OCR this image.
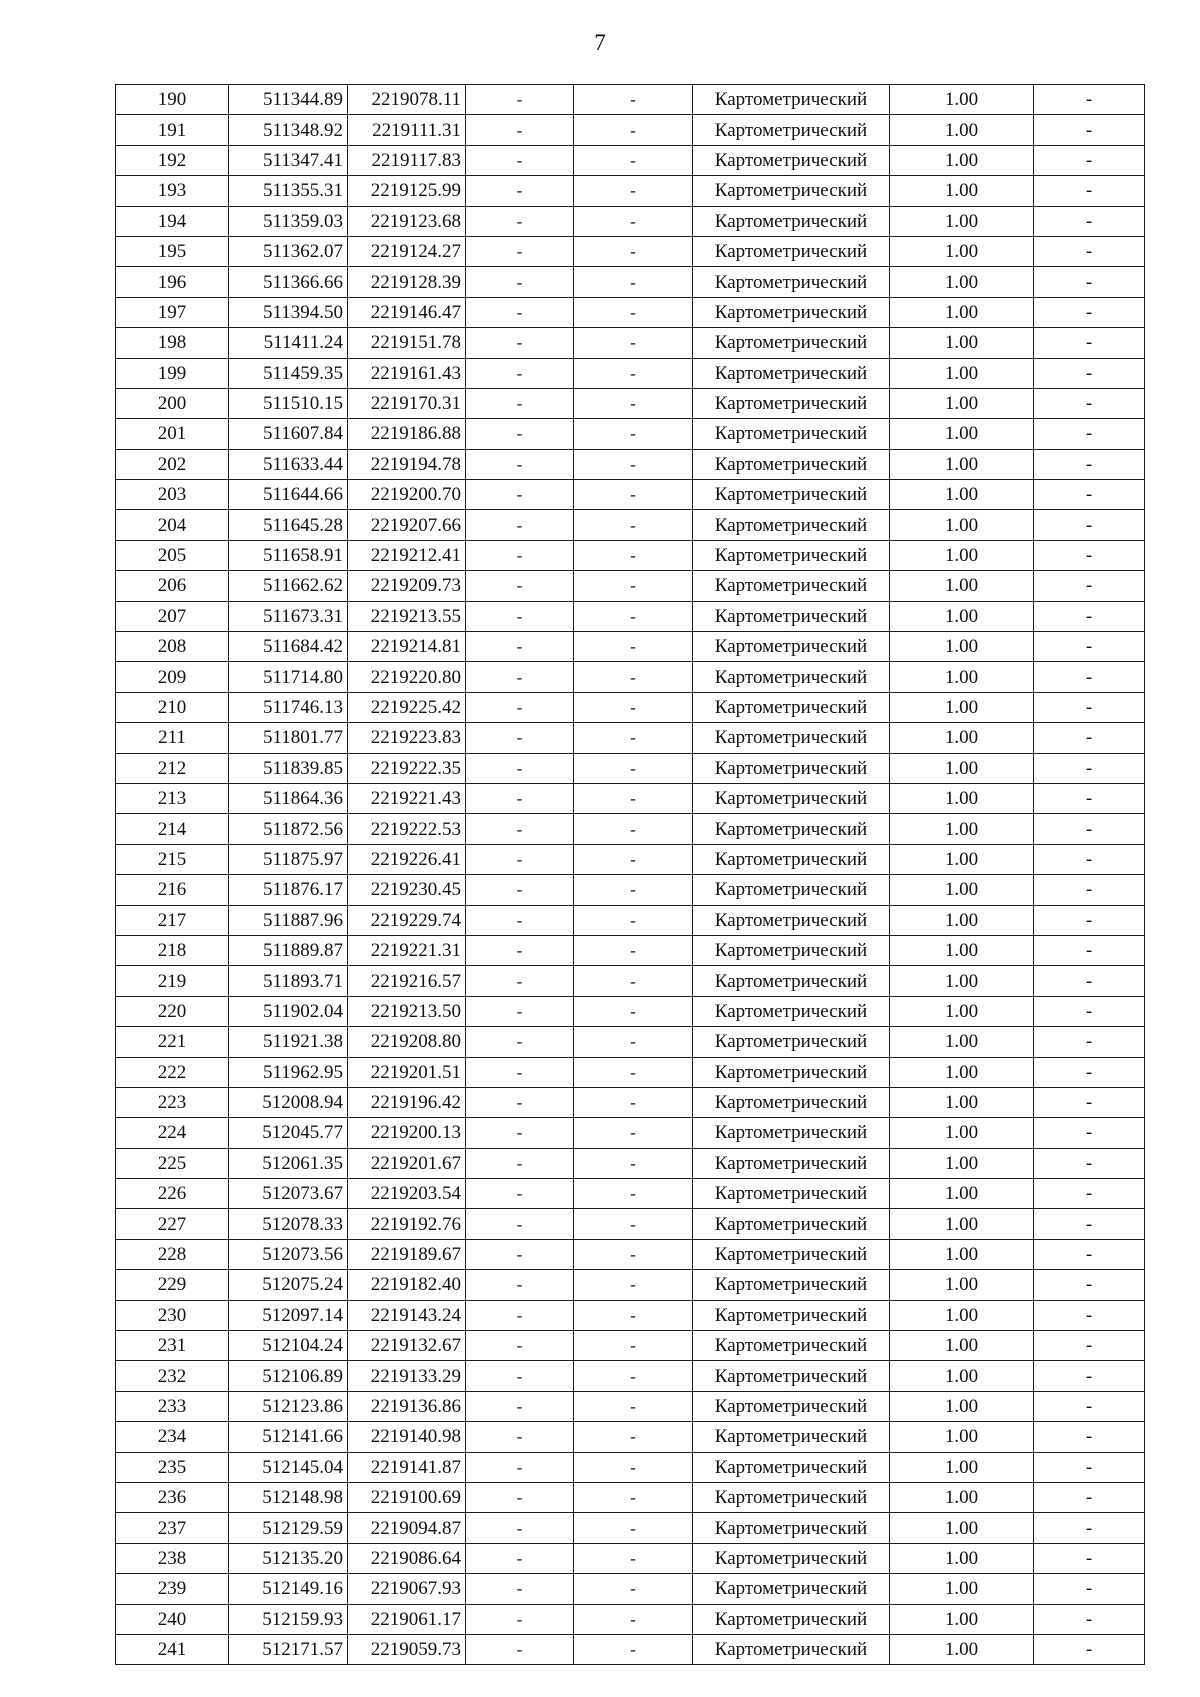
7
190	511344.89	2219078.11	-	-	Картометрический	1.00	-
191	511348.92	2219111.31	-	-	Картометрический	1.00	-
192	511347.41	2219117.83	-	-	Картометрический	1.00	-
193	511355.31	2219125.99	-	-	Картометрический	1.00	-
194	511359.03	2219123.68	-	-	Картометрический	1.00	-
195	511362.07	2219124.27	-	-	Картометрический	1.00	-
196	511366.66	2219128.39	-	-	Картометрический	1.00	-
197	511394.50	2219146.47	-	-	Картометрический	1.00	-
198	511411.24	2219151.78	-	-	Картометрический	1.00	-
199	511459.35	2219161.43	-	-	Картометрический	1.00	-
200	511510.15	2219170.31	-	-	Картометрический	1.00	-
201	511607.84	2219186.88	-	-	Картометрический	1.00	-
202	511633.44	2219194.78	-	-	Картометрический	1.00	-
203	511644.66	2219200.70	-	-	Картометрический	1.00	-
204	511645.28	2219207.66	-	-	Картометрический	1.00	-
205	511658.91	2219212.41	-	-	Картометрический	1.00	-
206	511662.62	2219209.73	-	-	Картометрический	1.00	-
207	511673.31	2219213.55	-	-	Картометрический	1.00	-
208	511684.42	2219214.81	-	-	Картометрический	1.00	-
209	511714.80	2219220.80	-	-	Картометрический	1.00	-
210	511746.13	2219225.42	-	-	Картометрический	1.00	-
211	511801.77	2219223.83	-	-	Картометрический	1.00	-
212	511839.85	2219222.35	-	-	Картометрический	1.00	-
213	511864.36	2219221.43	-	-	Картометрический	1.00	-
214	511872.56	2219222.53	-	-	Картометрический	1.00	-
215	511875.97	2219226.41	-	-	Картометрический	1.00	-
216	511876.17	2219230.45	-	-	Картометрический	1.00	-
217	511887.96	2219229.74	-	-	Картометрический	1.00	-
218	511889.87	2219221.31	-	-	Картометрический	1.00	-
219	511893.71	2219216.57	-	-	Картометрический	1.00	-
220	511902.04	2219213.50	-	-	Картометрический	1.00	-
221	511921.38	2219208.80	-	-	Картометрический	1.00	-
222	511962.95	2219201.51	-	-	Картометрический	1.00	-
223	512008.94	2219196.42	-	-	Картометрический	1.00	-
224	512045.77	2219200.13	-	-	Картометрический	1.00	-
225	512061.35	2219201.67	-	-	Картометрический	1.00	-
226	512073.67	2219203.54	-	-	Картометрический	1.00	-
227	512078.33	2219192.76	-	-	Картометрический	1.00	-
228	512073.56	2219189.67	-	-	Картометрический	1.00	-
229	512075.24	2219182.40	-	-	Картометрический	1.00	-
230	512097.14	2219143.24	-	-	Картометрический	1.00	-
231	512104.24	2219132.67	-	-	Картометрический	1.00	-
232	512106.89	2219133.29	-	-	Картометрический	1.00	-
233	512123.86	2219136.86	-	-	Картометрический	1.00	-
234	512141.66	2219140.98	-	-	Картометрический	1.00	-
235	512145.04	2219141.87	-	-	Картометрический	1.00	-
236	512148.98	2219100.69	-	-	Картометрический	1.00	-
237	512129.59	2219094.87	-	-	Картометрический	1.00	-
238	512135.20	2219086.64	-	-	Картометрический	1.00	-
239	512149.16	2219067.93	-	-	Картометрический	1.00	-
240	512159.93	2219061.17	-	-	Картометрический	1.00	-
241	512171.57	2219059.73	-	-	Картометрический	1.00	-
